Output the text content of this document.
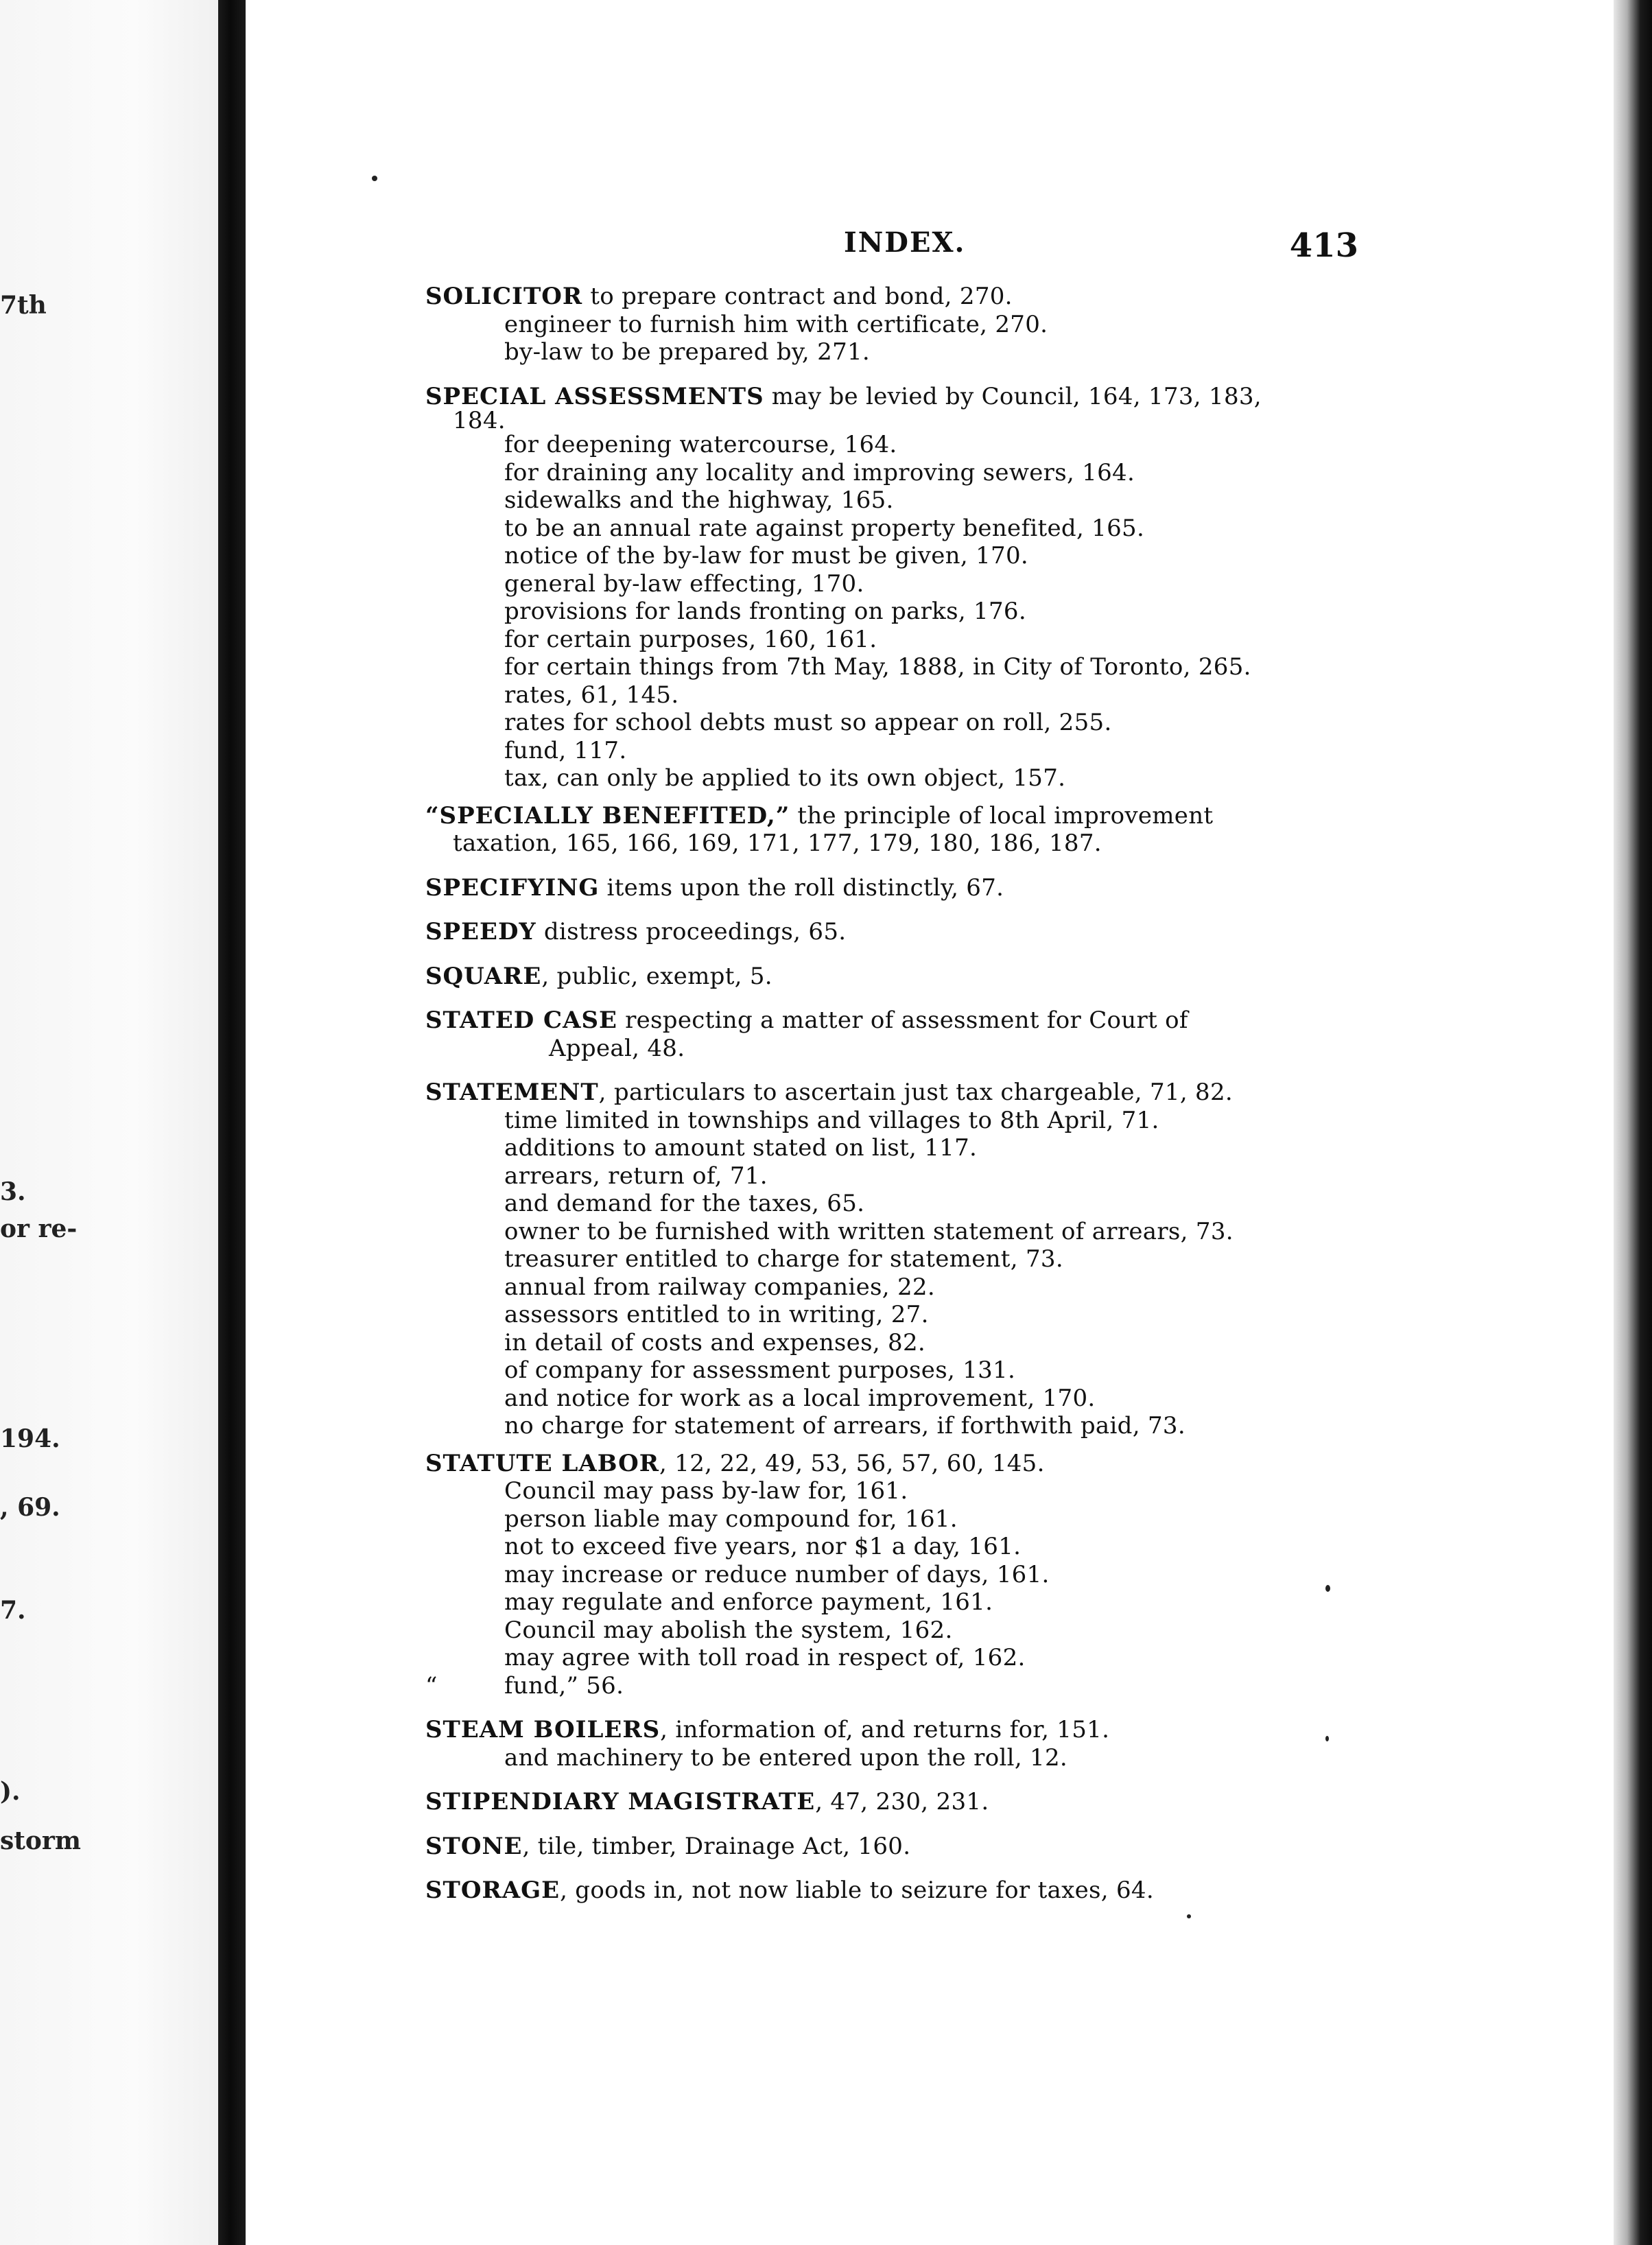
7th
3.
or re-
194.
, 69.
7.
).
storm
INDEX.	413
SOLICITOR to prepare contract and bond, 270.
engineer to furnish him with certificate, 270.
by-law to be prepared by, 271.
SPECIAL ASSESSMENTS may be levied by Council, 164, 173, 183,
184.
for deepening watercourse, 164.
for draining any locality and improving sewers, 164.
sidewalks and the highway, 165.
to be an annual rate against property benefited, 165.
notice of the by-law for must be given, 170.
general by-law effecting, 170.
provisions for lands fronting on parks, 176.
for certain purposes, 160, 161.
for certain things from 7th May, 1888, in City of Toronto, 265.
rates, 61, 145.
rates for school debts must so appear on roll, 255.
fund, 117.
tax, can only be applied to its own object, 157.
“SPECIALLY BENEFITED,” the principle of local improvement
taxation, 165, 166, 169, 171, 177, 179, 180, 186, 187.
SPECIFYING items upon the roll distinctly, 67.
SPEEDY distress proceedings, 65.
SQUARE, public, exempt, 5.
STATED CASE respecting a matter of assessment for Court of
Appeal, 48.
STATEMENT, particulars to ascertain just tax chargeable, 71, 82.
time limited in townships and villages to 8th April, 71.
additions to amount stated on list, 117.
arrears, return of, 71.
and demand for the taxes, 65.
owner to be furnished with written statement of arrears, 73.
treasurer entitled to charge for statement, 73.
annual from railway companies, 22.
assessors entitled to in writing, 27.
in detail of costs and expenses, 82.
of company for assessment purposes, 131.
and notice for work as a local improvement, 170.
no charge for statement of arrears, if forthwith paid, 73.
STATUTE LABOR, 12, 22, 49, 53, 56, 57, 60, 145.
Council may pass by-law for, 161.
person liable may compound for, 161.
not to exceed five years, nor $1 a day, 161.
may increase or reduce number of days, 161.
may regulate and enforce payment, 161.
Council may abolish the system, 162.
may agree with toll road in respect of, 162.
“	fund,” 56.
STEAM BOILERS, information of, and returns for, 151.
and machinery to be entered upon the roll, 12.
STIPENDIARY MAGISTRATE, 47, 230, 231.
STONE, tile, timber, Drainage Act, 160.
STORAGE, goods in, not now liable to seizure for taxes, 64.
